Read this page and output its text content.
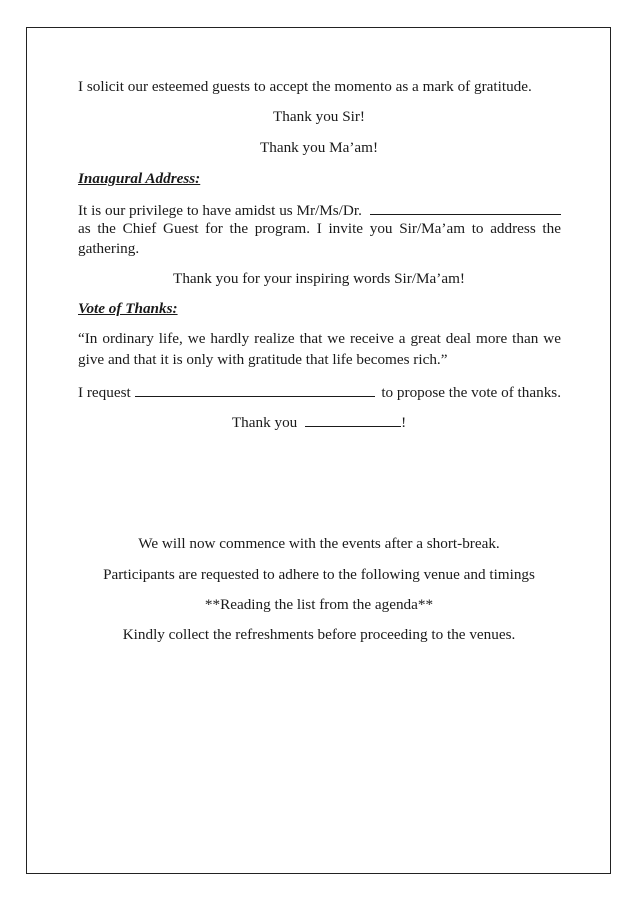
I solicit our esteemed guests to accept the momento as a mark of gratitude.
Thank you Sir!
Thank you Ma’am!
Inaugural Address:
It is our privilege to have amidst us Mr/Ms/Dr.
as the Chief Guest for the program. I invite you Sir/Ma’am to address the
gathering.
Thank you for your inspiring words Sir/Ma’am!
Vote of Thanks:
“In ordinary life, we hardly realize that we receive a great deal more than we
give and that it is only with gratitude that life becomes rich.”
I request	to propose the vote of thanks.
Thank you	!
We will now commence with the events after a short-break.
Participants are requested to adhere to the following venue and timings
**Reading the list from the agenda**
Kindly collect the refreshments before proceeding to the venues.
